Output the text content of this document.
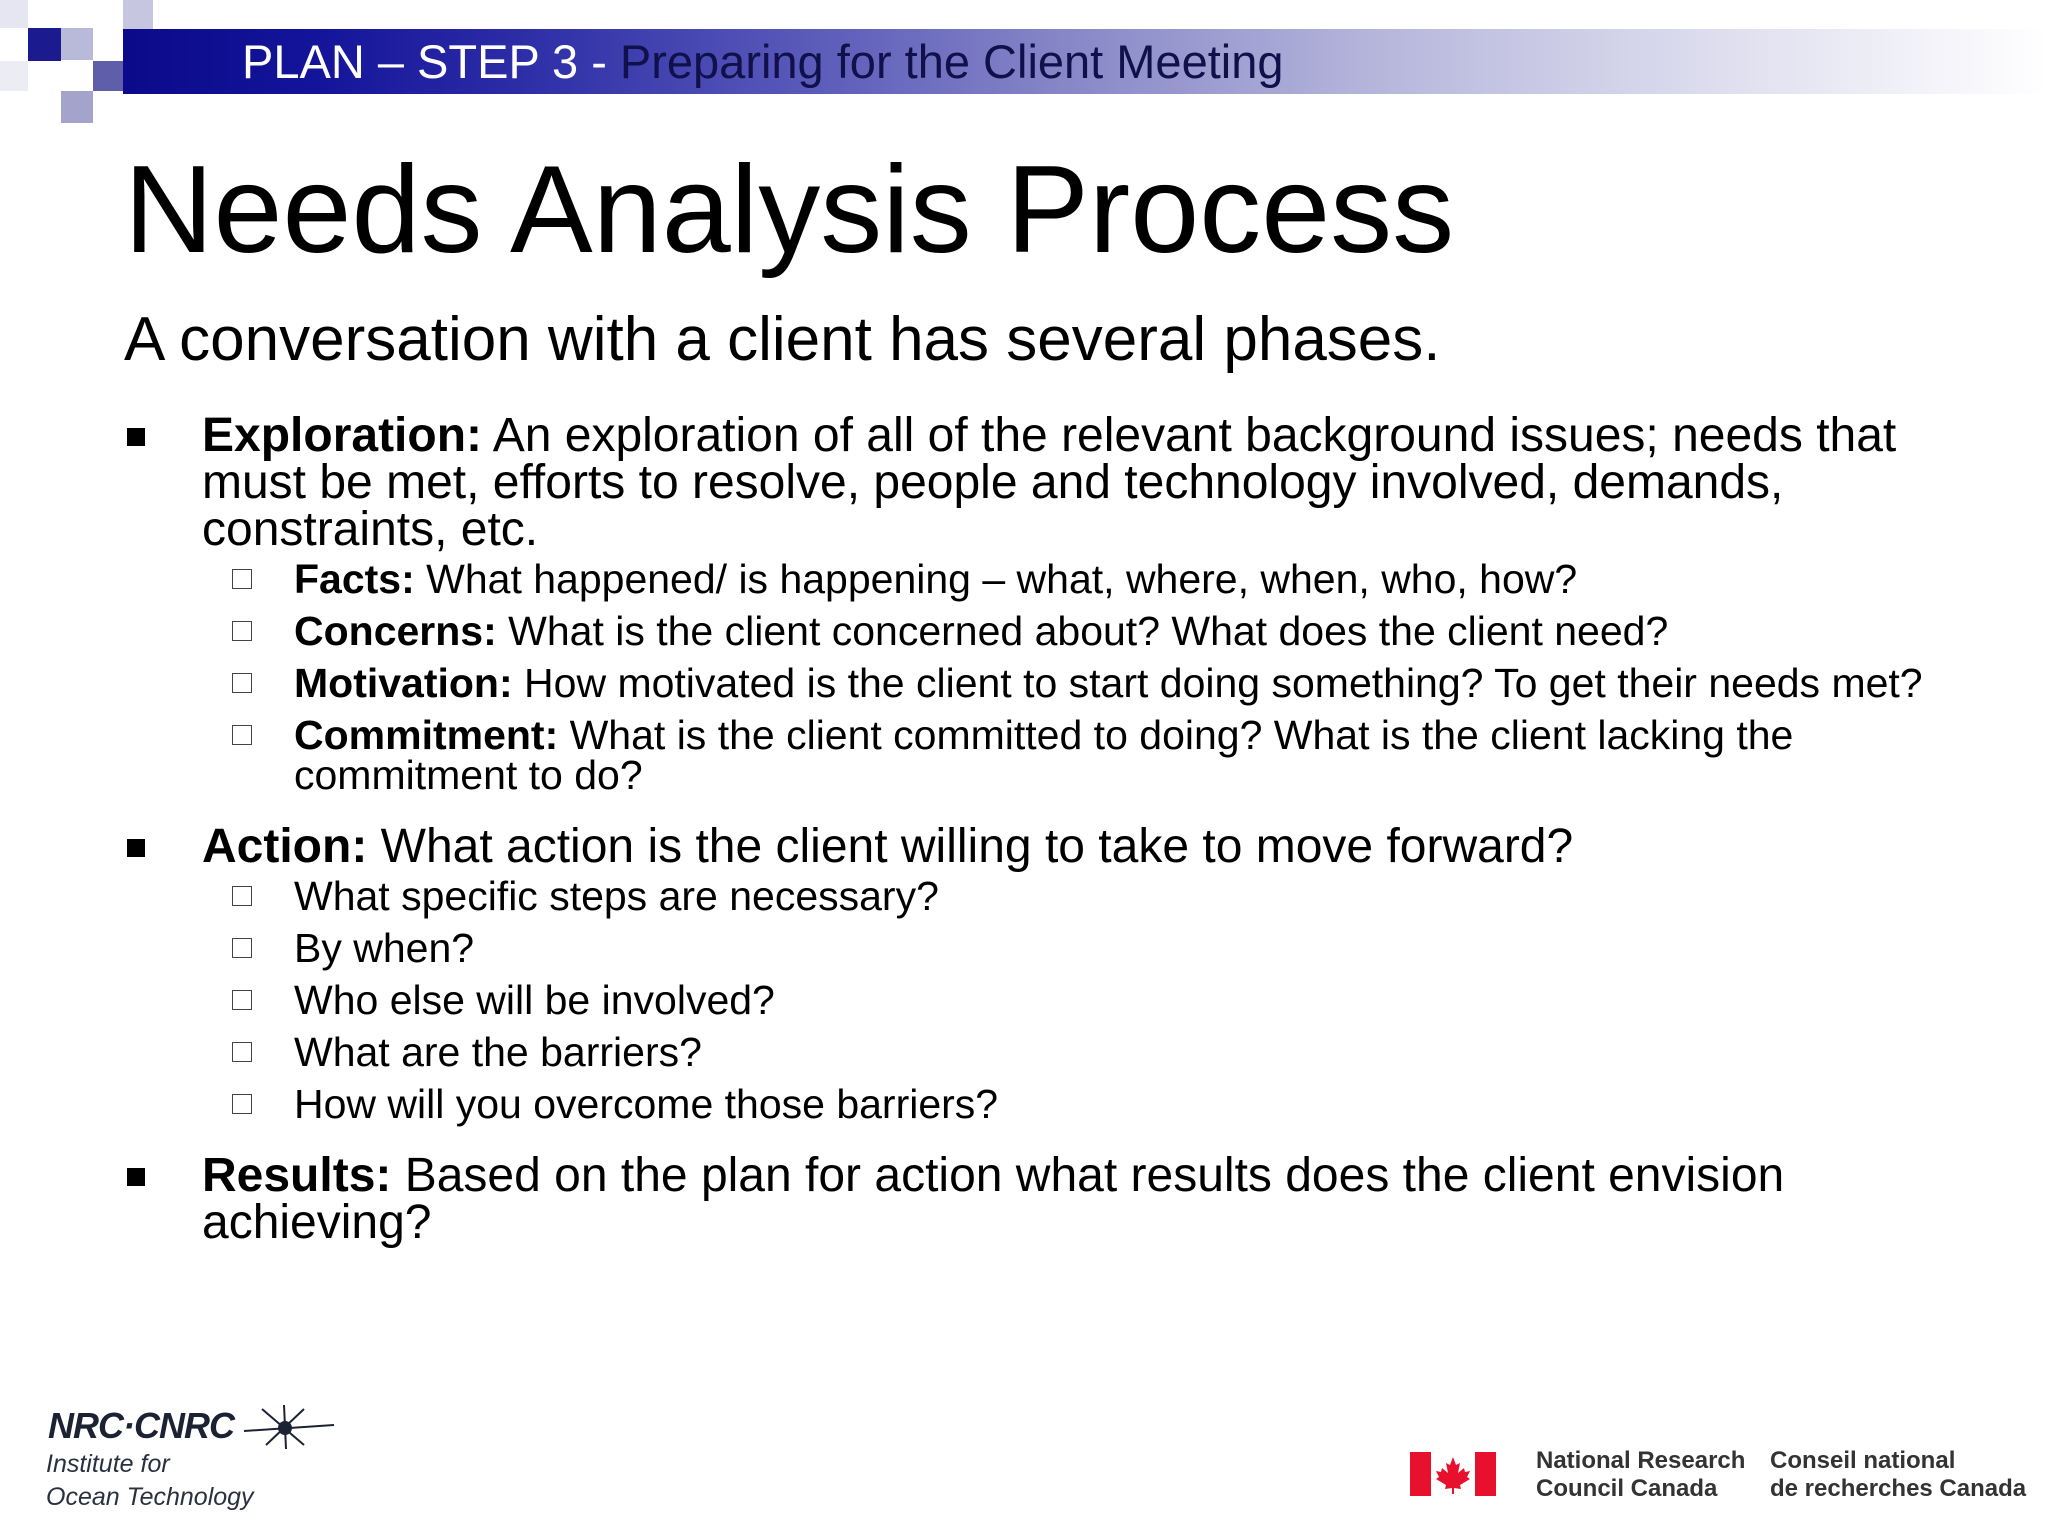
PLAN – STEP 3 - Preparing for the Client Meeting
Needs Analysis Process
A conversation with a client has several phases.
Exploration: An exploration of all of the relevant background issues; needs that must be met, efforts to resolve, people and technology involved, demands, constraints, etc.
Facts: What happened/ is happening – what, where, when, who, how?
Concerns: What is the client concerned about? What does the client need?
Motivation: How motivated is the client to start doing something? To get their needs met?
Commitment: What is the client committed to doing? What is the client lacking the commitment to do?
Action: What action is the client willing to take to move forward?
What specific steps are necessary?
By when?
Who else will be involved?
What are the barriers?
How will you overcome those barriers?
Results: Based on the plan for action what results does the client envision achieving?
NRC·CNRC
Institute for
Ocean Technology
National Research
Council Canada
Conseil national
de recherches Canada
